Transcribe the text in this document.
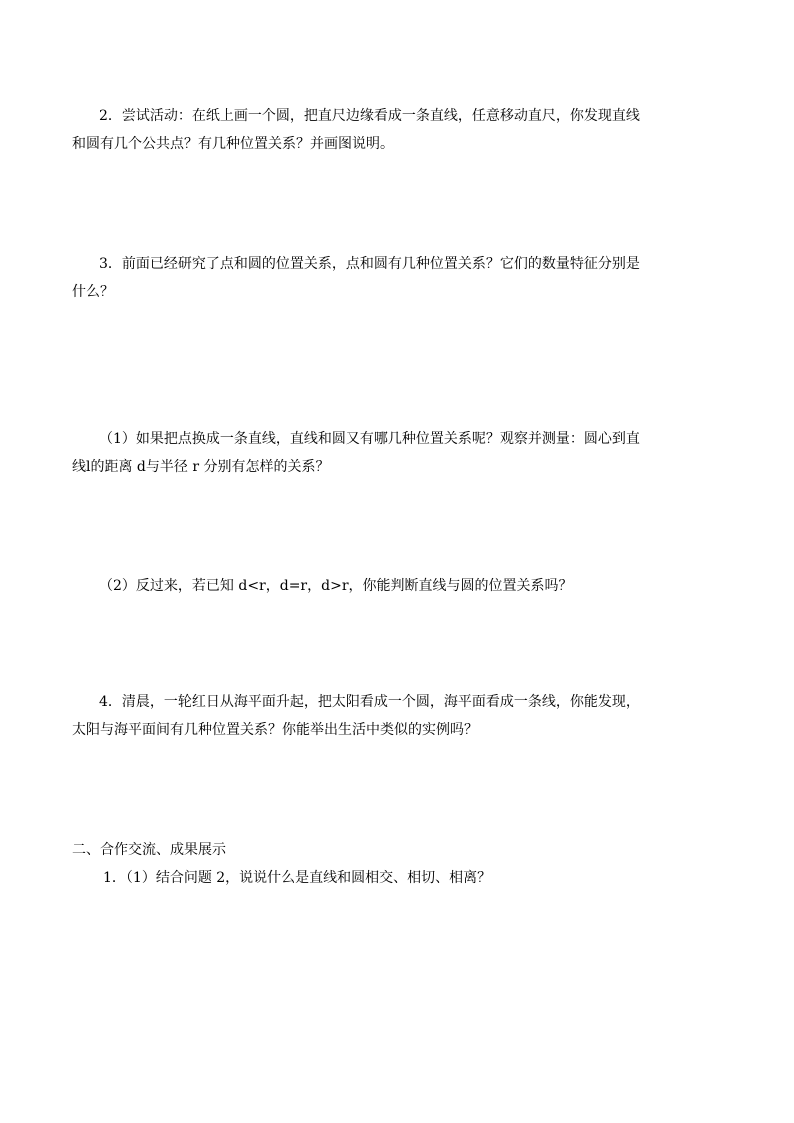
2．尝试活动：在纸上画一个圆，把直尺边缘看成一条直线，任意移动直尺，你发现直线
和圆有几个公共点？有几种位置关系？并画图说明。
3．前面已经研究了点和圆的位置关系，点和圆有几种位置关系？它们的数量特征分别是
什么？
（1）如果把点换成一条直线，直线和圆又有哪几种位置关系呢？观察并测量：圆心到直
线l的距离 d与半径 r 分别有怎样的关系？
（2）反过来，若已知 d<r，d=r，d>r，你能判断直线与圆的位置关系吗？
4．清晨，一轮红日从海平面升起，把太阳看成一个圆，海平面看成一条线，你能发现，
太阳与海平面间有几种位置关系？你能举出生活中类似的实例吗？
二、合作交流、成果展示
1．（1）结合问题 2，说说什么是直线和圆相交、相切、相离？
